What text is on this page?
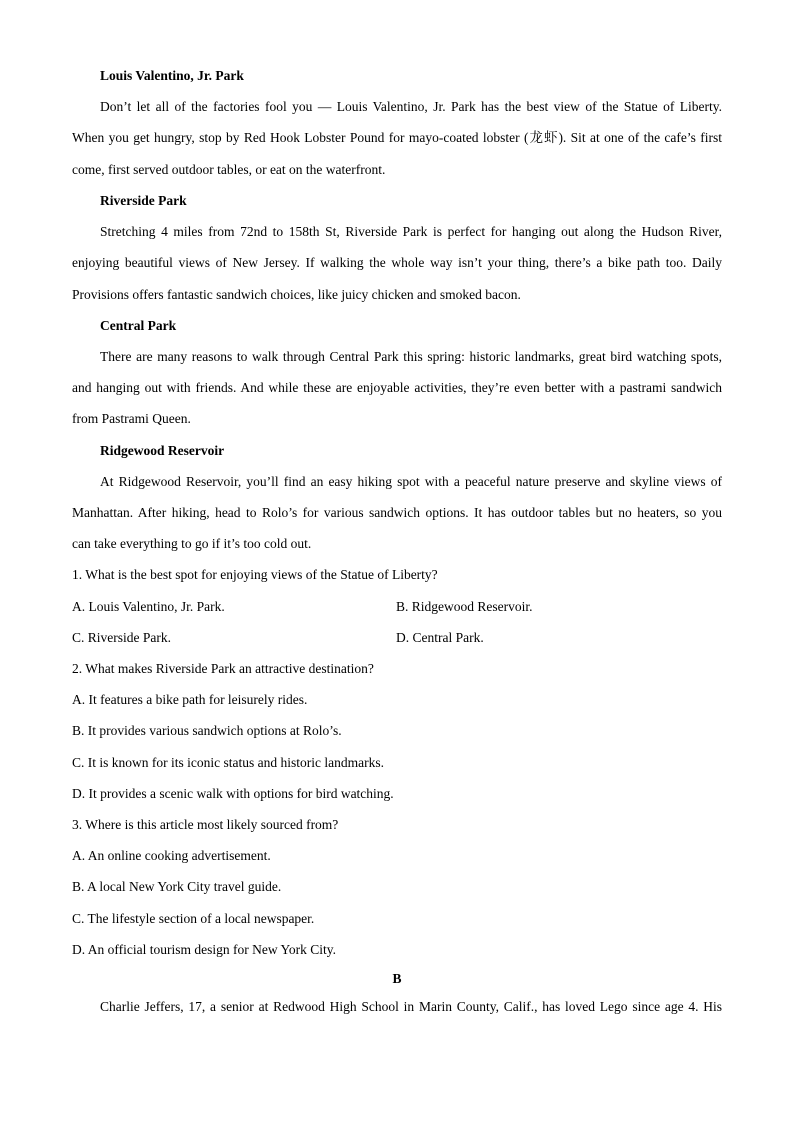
Louis Valentino, Jr. Park
Don’t let all of the factories fool you — Louis Valentino, Jr. Park has the best view of the Statue of Liberty.
When you get hungry, stop by Red Hook Lobster Pound for mayo-coated lobster (龙虾). Sit at one of the cafe’s first
come, first served outdoor tables, or eat on the waterfront.
Riverside Park
Stretching 4 miles from 72nd to 158th St, Riverside Park is perfect for hanging out along the Hudson River,
enjoying beautiful views of New Jersey. If walking the whole way isn’t your thing, there’s a bike path too. Daily
Provisions offers fantastic sandwich choices, like juicy chicken and smoked bacon.
Central Park
There are many reasons to walk through Central Park this spring: historic landmarks, great bird watching spots,
and hanging out with friends. And while these are enjoyable activities, they’re even better with a pastrami sandwich
from Pastrami Queen.
Ridgewood Reservoir
At Ridgewood Reservoir, you’ll find an easy hiking spot with a peaceful nature preserve and skyline views of
Manhattan. After hiking, head to Rolo’s for various sandwich options. It has outdoor tables but no heaters, so you
can take everything to go if it’s too cold out.
1. What is the best spot for enjoying views of the Statue of Liberty?
A. Louis Valentino, Jr. Park.	B. Ridgewood Reservoir.
C. Riverside Park.	D. Central Park.
2. What makes Riverside Park an attractive destination?
A. It features a bike path for leisurely rides.
B. It provides various sandwich options at Rolo’s.
C. It is known for its iconic status and historic landmarks.
D. It provides a scenic walk with options for bird watching.
3. Where is this article most likely sourced from?
A. An online cooking advertisement.
B. A local New York City travel guide.
C. The lifestyle section of a local newspaper.
D. An official tourism design for New York City.
B
Charlie Jeffers, 17, a senior at Redwood High School in Marin County, Calif., has loved Lego since age 4. His
